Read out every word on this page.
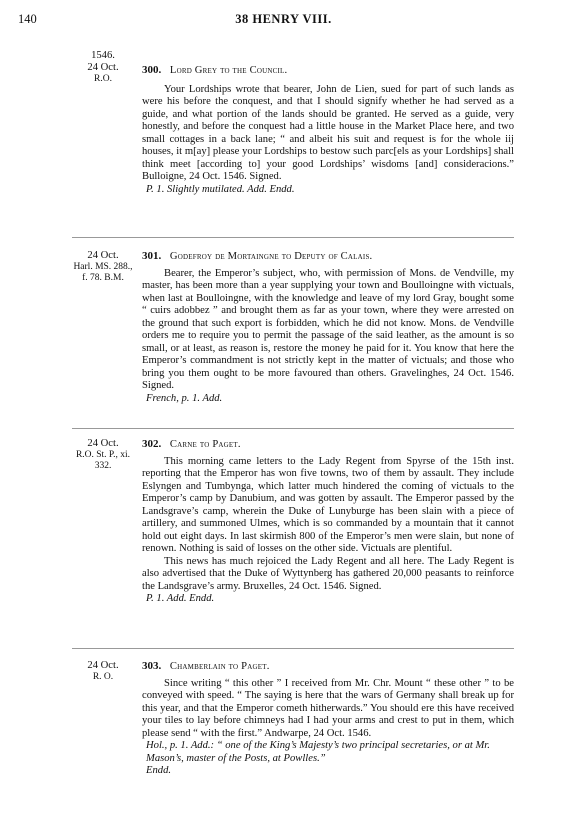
140	38 HENRY VIII.
1546.
24 Oct.
R.O.
300. Lord Grey to the Council.

Your Lordships wrote that bearer, John de Lien, sued for part of such lands as were his before the conquest, and that I should signify whether he had served as a guide, and what portion of the lands should be granted. He served as a guide, very honestly, and before the conquest had a little house in the Market Place here, and two small cottages in a back lane; “ and albeit his suit and request is for the whole iij houses, it m[ay] please your Lordships to bestow such parc[els as your Lordships] shall think meet [according to] your good Lordships’ wisdoms [and] consideracions.” Bulloigne, 24 Oct. 1546. Signed.

P. 1. Slightly mutilated. Add. Endd.
24 Oct.
Harl. MS. 288., f. 78. B.M.
301. Godefroy de Mortaingne to Deputy of Calais.

Bearer, the Emperor’s subject, who, with permission of Mons. de Vendville, my master, has been more than a year supplying your town and Boulloingne with victuals, when last at Boulloingne, with the knowledge and leave of my lord Gray, bought some “ cuirs adobbez ” and brought them as far as your town, where they were arrested on the ground that such export is forbidden, which he did not know. Mons. de Vendville orders me to require you to permit the passage of the said leather, as the amount is so small, or at least, as reason is, restore the money he paid for it. You know that here the Emperor’s commandment is not strictly kept in the matter of victuals; and those who bring you them ought to be more favoured than others. Gravelinghes, 24 Oct. 1546. Signed.

French, p. 1. Add.
24 Oct.
R.O. St. P., xi. 332.
302. Carne to Paget.

This morning came letters to the Lady Regent from Spyrse of the 15th inst. reporting that the Emperor has won five towns, two of them by assault. They include Eslyngen and Tumbynga, which latter much hindered the coming of victuals to the Emperor’s camp by Danubium, and was gotten by assault. The Emperor passed by the Landsgrave’s camp, wherein the Duke of Lunyburge has been slain with a piece of artillery, and summoned Ulmes, which is so commanded by a mountain that it cannot hold out eight days. In last skirmish 800 of the Emperor’s men were slain, but none of renown. Nothing is said of losses on the other side. Victuals are plentiful.

This news has much rejoiced the Lady Regent and all here. The Lady Regent is also advertised that the Duke of Wyttynberg has gathered 20,000 peasants to reinforce the Landsgrave’s army. Bruxelles, 24 Oct. 1546. Signed.

P. 1. Add. Endd.
24 Oct.
R. O.
303. Chamberlain to Paget.

Since writing “ this other ” I received from Mr. Chr. Mount “ these other ” to be conveyed with speed. “ The saying is here that the wars of Germany shall break up for this year, and that the Emperor cometh hitherwards.” You should ere this have received your tiles to lay before chimneys had I had your arms and crest to put in them, which please send “ with the first.” Andwarpe, 24 Oct. 1546.

Hol., p. 1. Add.: “ one of the King’s Majesty’s two principal secretaries, or at Mr. Mason’s, master of the Posts, at Powlles.”
Endd.
